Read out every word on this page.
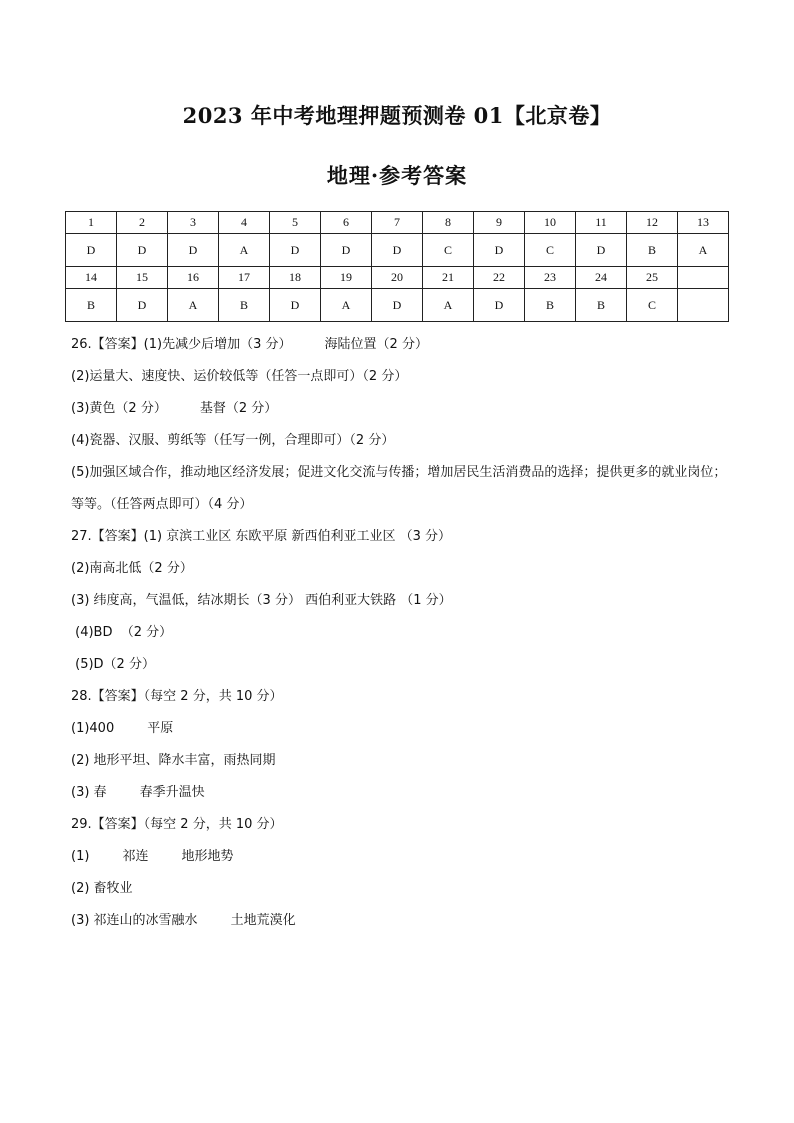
2023 年中考地理押题预测卷 01【北京卷】
地理·参考答案
1	2	3	4	5	6	7	8	9	10	11	12	13
D	D	D	A	D	D	D	C	D	C	D	B	A
14	15	16	17	18	19	20	21	22	23	24	25	
B	D	A	B	D	A	D	A	D	B	B	C	
26.【答案】(1)先减少后增加（3 分）        海陆位置（2 分）
(2)运量大、速度快、运价较低等（任答一点即可）（2 分）
(3)黄色（2 分）        基督（2 分）
(4)瓷器、汉服、剪纸等（任写一例，合理即可）（2 分）
(5)加强区域合作，推动地区经济发展；促进文化交流与传播；增加居民生活消费品的选择；提供更多的就业岗位；等等。（任答两点即可）（4 分）
27.【答案】(1) 京滨工业区 东欧平原 新西伯利亚工业区 （3 分）
(2)南高北低（2 分）
(3) 纬度高，气温低，结冰期长（3 分） 西伯利亚大铁路 （1 分）
(4)BD  （2 分）
(5)D（2 分）
28.【答案】（每空 2 分，共 10 分）
(1)400        平原
(2) 地形平坦、降水丰富，雨热同期
(3) 春        春季升温快
29.【答案】（每空 2 分，共 10 分）
(1)        祁连        地形地势
(2) 畜牧业
(3) 祁连山的冰雪融水        土地荒漠化
